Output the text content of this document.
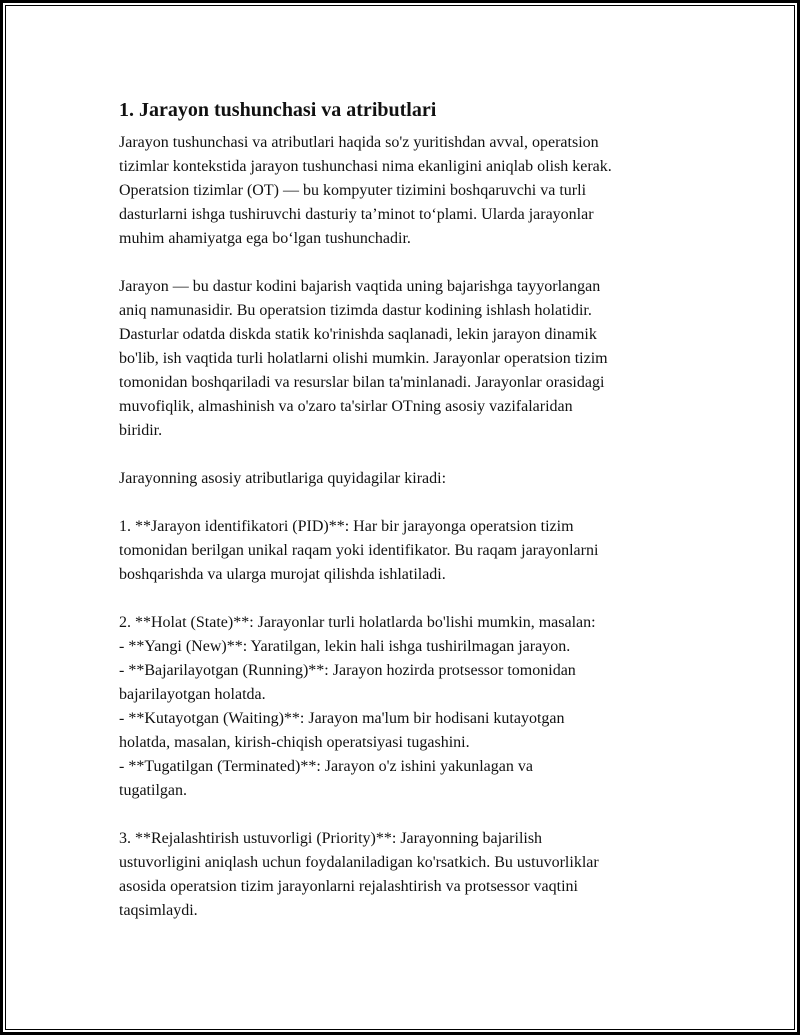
1. Jarayon tushunchasi va atributlari

Jarayon tushunchasi va atributlari haqida so'z yuritishdan avval, operatsion
tizimlar kontekstida jarayon tushunchasi nima ekanligini aniqlab olish kerak.
Operatsion tizimlar (OT) — bu kompyuter tizimini boshqaruvchi va turli
dasturlarni ishga tushiruvchi dasturiy ta’minot to‘plami. Ularda jarayonlar
muhim ahamiyatga ega bo‘lgan tushunchadir.

Jarayon — bu dastur kodini bajarish vaqtida uning bajarishga tayyorlangan
aniq namunasidir. Bu operatsion tizimda dastur kodining ishlash holatidir.
Dasturlar odatda diskda statik ko'rinishda saqlanadi, lekin jarayon dinamik
bo'lib, ish vaqtida turli holatlarni olishi mumkin. Jarayonlar operatsion tizim
tomonidan boshqariladi va resurslar bilan ta'minlanadi. Jarayonlar orasidagi
muvofiqlik, almashinish va o'zaro ta'sirlar OTning asosiy vazifalaridan
biridir.

Jarayonning asosiy atributlariga quyidagilar kiradi:

1. **Jarayon identifikatori (PID)**: Har bir jarayonga operatsion tizim
tomonidan berilgan unikal raqam yoki identifikator. Bu raqam jarayonlarni
boshqarishda va ularga murojat qilishda ishlatiladi.

2. **Holat (State)**: Jarayonlar turli holatlarda bo'lishi mumkin, masalan:
- **Yangi (New)**: Yaratilgan, lekin hali ishga tushirilmagan jarayon.
- **Bajarilayotgan (Running)**: Jarayon hozirda protsessor tomonidan
bajarilayotgan holatda.
- **Kutayotgan (Waiting)**: Jarayon ma'lum bir hodisani kutayotgan
holatda, masalan, kirish-chiqish operatsiyasi tugashini.
- **Tugatilgan (Terminated)**: Jarayon o'z ishini yakunlagan va
tugatilgan.

3. **Rejalashtirish ustuvorligi (Priority)**: Jarayonning bajarilish
ustuvorligini aniqlash uchun foydalaniladigan ko'rsatkich. Bu ustuvorliklar
asosida operatsion tizim jarayonlarni rejalashtirish va protsessor vaqtini
taqsimlaydi.
